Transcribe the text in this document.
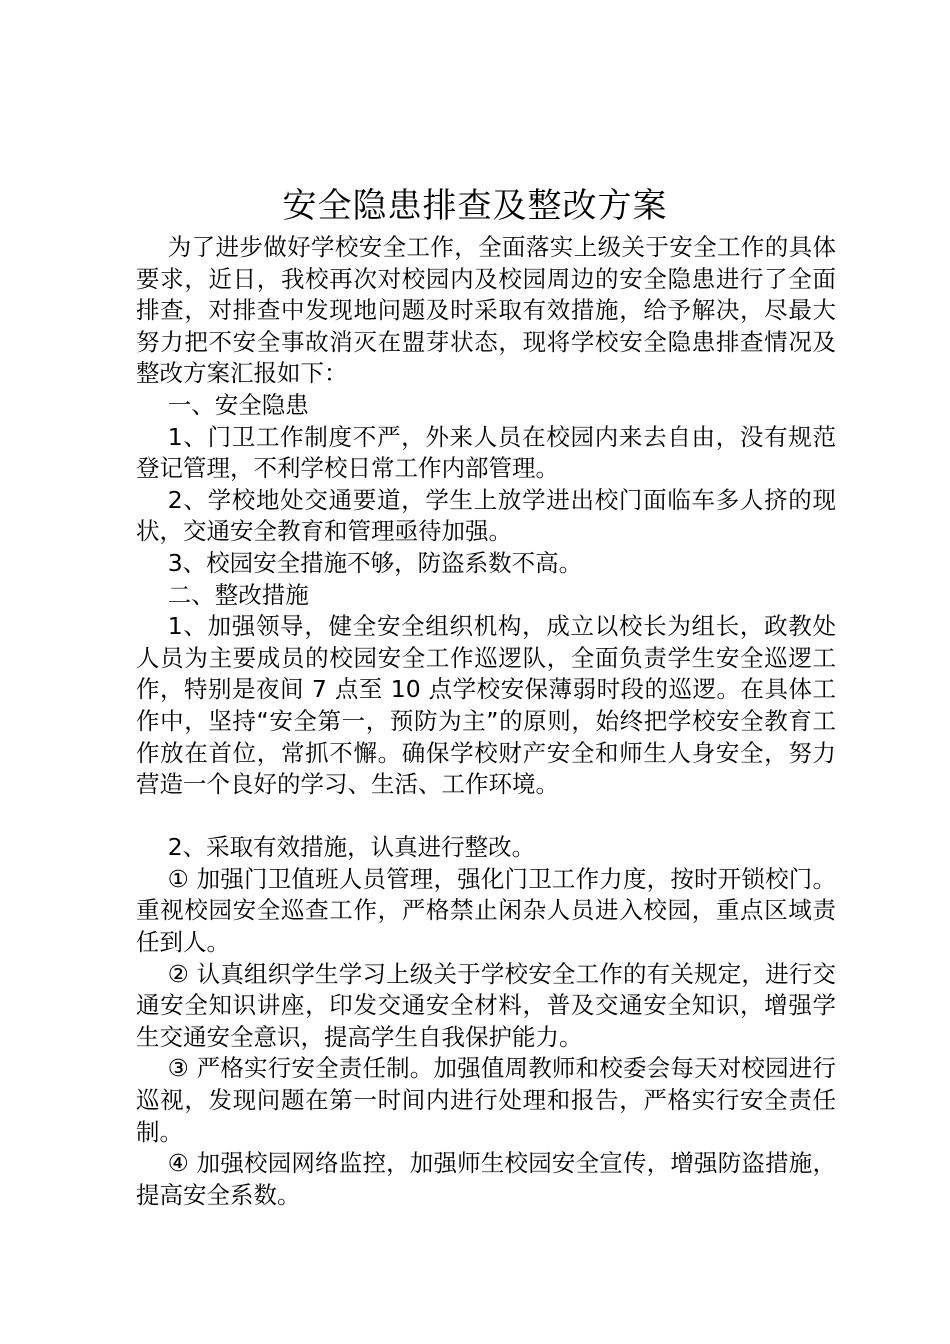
安全隐患排查及整改方案

为了进步做好学校安全工作，全面落实上级关于安全工作的具体要求，近日，我校再次对校园内及校园周边的安全隐患进行了全面排查，对排查中发现地问题及时采取有效措施，给予解决，尽最大努力把不安全事故消灭在盟芽状态，现将学校安全隐患排查情况及整改方案汇报如下：

一、安全隐患

1、门卫工作制度不严，外来人员在校园内来去自由，没有规范登记管理，不利学校日常工作内部管理。

2、学校地处交通要道，学生上放学进出校门面临车多人挤的现状，交通安全教育和管理亟待加强。

3、校园安全措施不够，防盗系数不高。

二、整改措施

1、加强领导，健全安全组织机构，成立以校长为组长，政教处人员为主要成员的校园安全工作巡逻队，全面负责学生安全巡逻工作，特别是夜间 7 点至 10 点学校安保薄弱时段的巡逻。在具体工作中，坚持“安全第一，预防为主”的原则，始终把学校安全教育工作放在首位，常抓不懈。确保学校财产安全和师生人身安全，努力营造一个良好的学习、生活、工作环境。

2、采取有效措施，认真进行整改。

① 加强门卫值班人员管理，强化门卫工作力度，按时开锁校门。重视校园安全巡查工作，严格禁止闲杂人员进入校园，重点区域责任到人。

② 认真组织学生学习上级关于学校安全工作的有关规定，进行交通安全知识讲座，印发交通安全材料，普及交通安全知识，增强学生交通安全意识，提高学生自我保护能力。

③ 严格实行安全责任制。加强值周教师和校委会每天对校园进行巡视，发现问题在第一时间内进行处理和报告，严格实行安全责任制。

④ 加强校园网络监控，加强师生校园安全宣传，增强防盗措施，提高安全系数。
